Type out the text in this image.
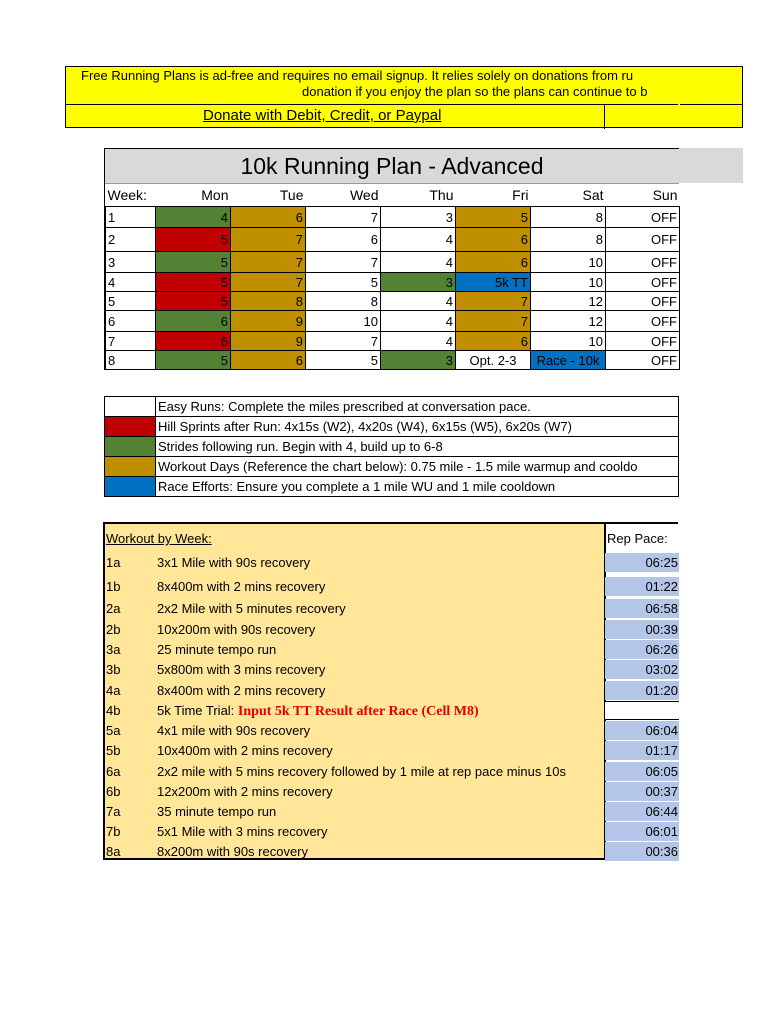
Free Running Plans is ad-free and requires no email signup. It relies solely on donations from ru
donation if you enjoy the plan so the plans can continue to b
Donate with Debit, Credit, or Paypal
10k Running Plan - Advanced
Week:	Mon	Tue	Wed	Thu	Fri	Sat	Sun
1	4	6	7	3	5	8	OFF
2	5	7	6	4	6	8	OFF
3	5	7	7	4	6	10	OFF
4	5	7	5	3	5k TT	10	OFF
5	5	8	8	4	7	12	OFF
6	6	9	10	4	7	12	OFF
7	6	9	7	4	6	10	OFF
8	5	6	5	3	Opt. 2-3	Race - 10k	OFF
	Easy Runs: Complete the miles prescribed at conversation pace.
	Hill Sprints after Run: 4x15s (W2), 4x20s (W4), 6x15s (W5), 6x20s (W7)
	Strides following run. Begin with 4, build up to 6-8
	Workout Days (Reference the chart below): 0.75 mile - 1.5 mile warmup and cooldo
	Race Efforts: Ensure you complete a 1 mile WU and 1 mile cooldown
Workout by Week:	Rep Pace:
1a	3x1 Mile with 90s recovery	06:25
1b	8x400m with 2 mins recovery	01:22
2a	2x2 Mile with 5 minutes recovery	06:58
2b	10x200m with 90s recovery	00:39
3a	25 minute tempo run	06:26
3b	5x800m with 3 mins recovery	03:02
4a	8x400m with 2 mins recovery	01:20
4b	5k Time Trial: Input 5k TT Result after Race (Cell M8)
5a	4x1 mile with 90s recovery	06:04
5b	10x400m with 2 mins recovery	01:17
6a	2x2 mile with 5 mins recovery followed by 1 mile at rep pace minus 10s	06:05
6b	12x200m with 2 mins recovery	00:37
7a	35 minute tempo run	06:44
7b	5x1 Mile with 3 mins recovery	06:01
8a	8x200m with 90s recovery	00:36
